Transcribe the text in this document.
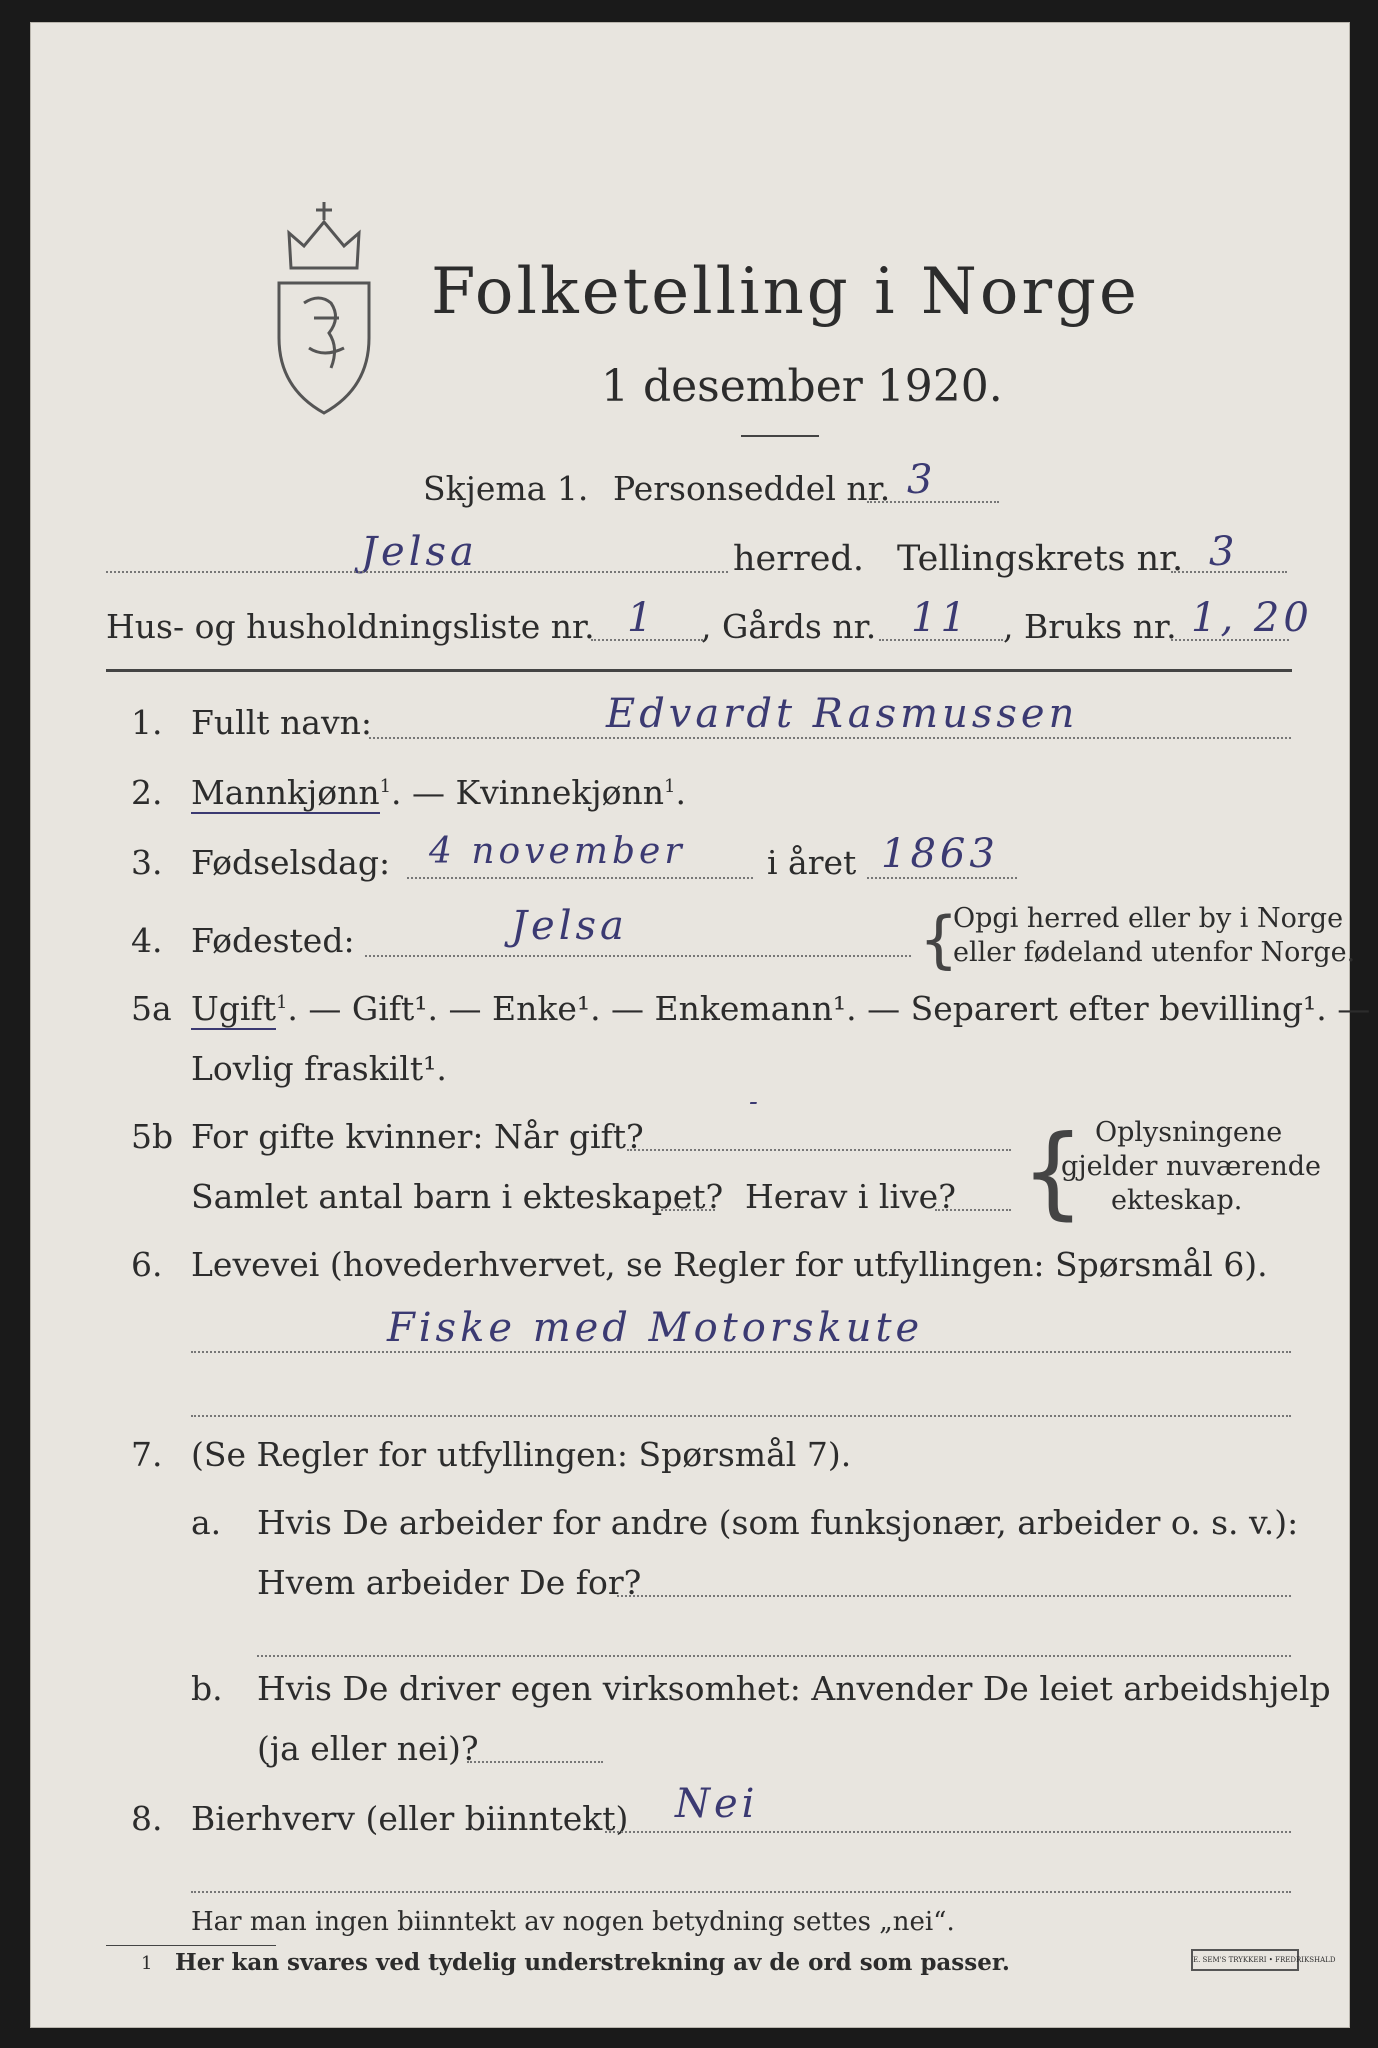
Folketelling i Norge
1 desember 1920.
Skjema 1. Personseddel nr. 3
Jelsa	herred. Tellingskrets nr. 3
Hus- og husholdningsliste nr. 1 , Gårds nr. 11 , Bruks nr. 1, 20
1. Fullt navn:	Edvardt Rasmussen
2. Mannkjønn$^1$. — Kvinnekjønn$^1$.
3. Fødselsdag: 4 november i året 1863
4. Fødested:	Jelsa	{
Opgi herred eller by i Norge
eller fødeland utenfor Norge.
5a Ugift$^1$. — Gift¹. — Enke¹. — Enkemann¹. — Separert efter bevilling¹. —
Lovlig fraskilt¹.
5b For gifte kvinner: Når gift?
-
Samlet antal barn i ekteskapet? Herav i live? { Oplysningene
gjelder nuværende
ekteskap.
6. Levevei (hovederhvervet, se Regler for utfyllingen: Spørsmål 6).
Fiske med Motorskute
7. (Se Regler for utfyllingen: Spørsmål 7).
a. Hvis De arbeider for andre (som funksjonær, arbeider o. s. v.):
Hvem arbeider De for?
b. Hvis De driver egen virksomhet: Anvender De leiet arbeidshjelp
(ja eller nei)?
8. Bierhverv (eller biinntekt) Nei
Har man ingen biinntekt av nogen betydning settes „nei“.
1 Her kan svares ved tydelig understrekning av de ord som passer.	E. SEM'S TRYKKERI • FREDRIKSHALD
